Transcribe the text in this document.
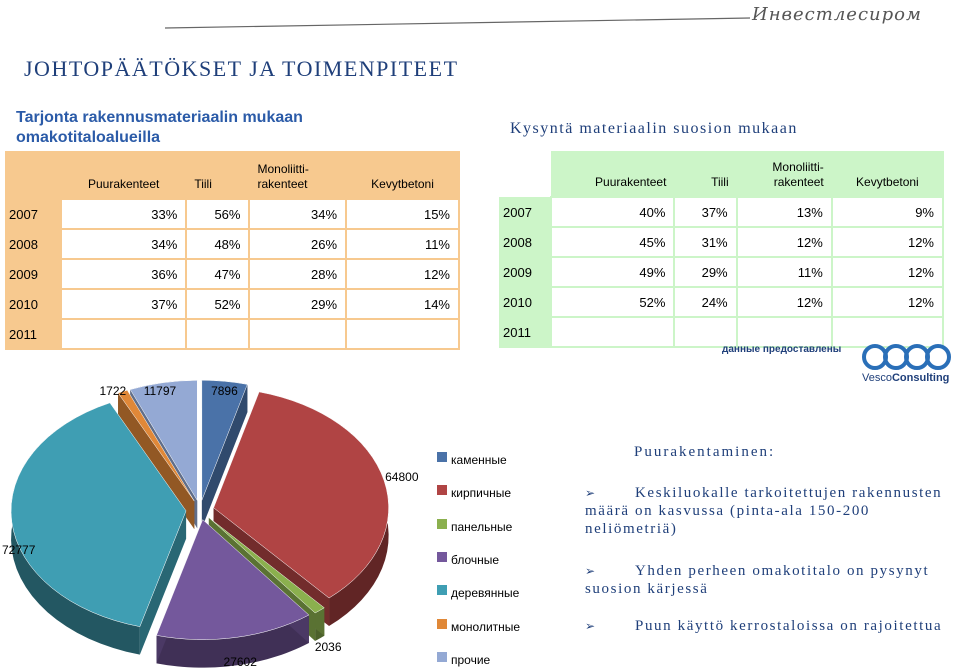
Инвестлесиром
JOHTOPÄÄTÖKSET JA TOIMENPITEET
Tarjonta rakennusmateriaalin mukaan omakotitaloalueilla
Kysyntä materiaalin suosion mukaan
	Puurakenteet	Tiili	Monoliitti-
rakenteet	Kevytbetoni
2007	33%	56%	34%	15%
2008	34%	48%	26%	11%
2009	36%	47%	28%	12%
2010	37%	52%	29%	14%
2011				
	Puurakenteet	Tiili	Monoliitti-
rakenteet	Kevytbetoni
2007	40%	37%	13%	9%
2008	45%	31%	12%	12%
2009	49%	29%	11%	12%
2010	52%	24%	12%	12%
2011				
данные предоставлены
VescoConsulting
7896
64800
2036
27602
72777
1722 11797
каменные
кирпичные
панельные
блочные
деревянные
монолитные
прочие
Puurakentaminen:
➢	Keskiluokalle tarkoitettujen rakennusten määrä on kasvussa (pinta-ala 150-200 neliömetriä)
➢	Yhden perheen omakotitalo on pysynyt suosion kärjessä
➢	Puun käyttö kerrostaloissa on rajoitettua
